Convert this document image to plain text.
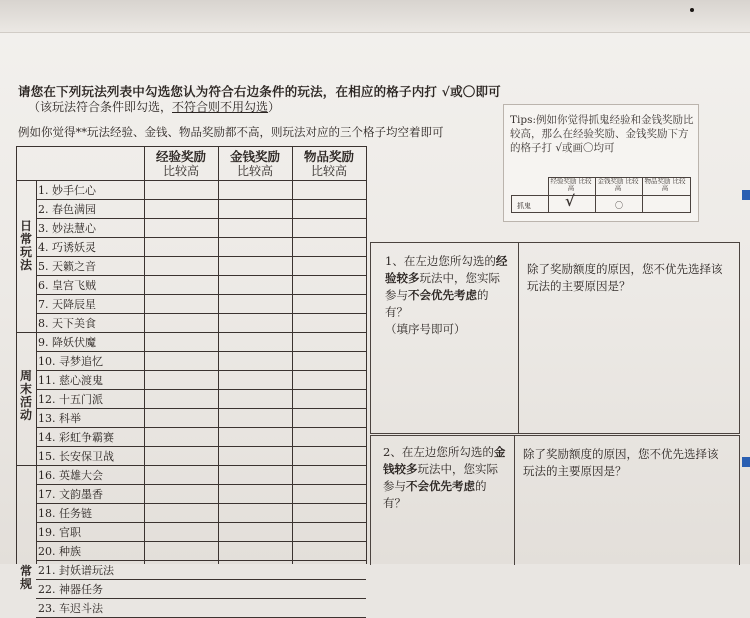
请您在下列玩法列表中勾选您认为符合右边条件的玩法，在相应的格子内打 √或〇即可
（该玩法符合条件即勾选，不符合则不用勾选）
例如你觉得**玩法经验、金钱、物品奖励都不高，则玩法对应的三个格子均空着即可
经验奖励
比较高
金钱奖励
比较高
物品奖励
比较高
日
常
玩
法
周
末
活
动
常
规
1. 妙手仁心
2. 春色满园
3. 妙法慧心
4. 巧诱妖灵
5. 天籁之音
6. 皇宫飞贼
7. 天降辰星
8. 天下美食
9. 降妖伏魔
10. 寻梦追忆
11. 慈心渡鬼
12. 十五门派
13. 科举
14. 彩虹争霸赛
15. 长安保卫战
16. 英雄大会
17. 文韵墨香
18. 任务链
19. 官职
20. 种族
21. 封妖谱玩法
22. 神器任务
23. 车迟斗法
Tips:例如你觉得抓鬼经验和金钱奖励比较高，那么在经验奖励、金钱奖励下方的格子打 √或画〇均可
经验奖励 比较高
金钱奖励 比较高
物品奖励 比较高
抓鬼 √	〇
1、在左边您所勾选的经验较多玩法中，您实际参与不会优先考虑的有？
（填序号即可）
除了奖励额度的原因，您不优先选择该玩法的主要原因是？
2、在左边您所勾选的金钱较多玩法中，您实际参与不会优先考虑的有？
除了奖励额度的原因，您不优先选择该玩法的主要原因是？
